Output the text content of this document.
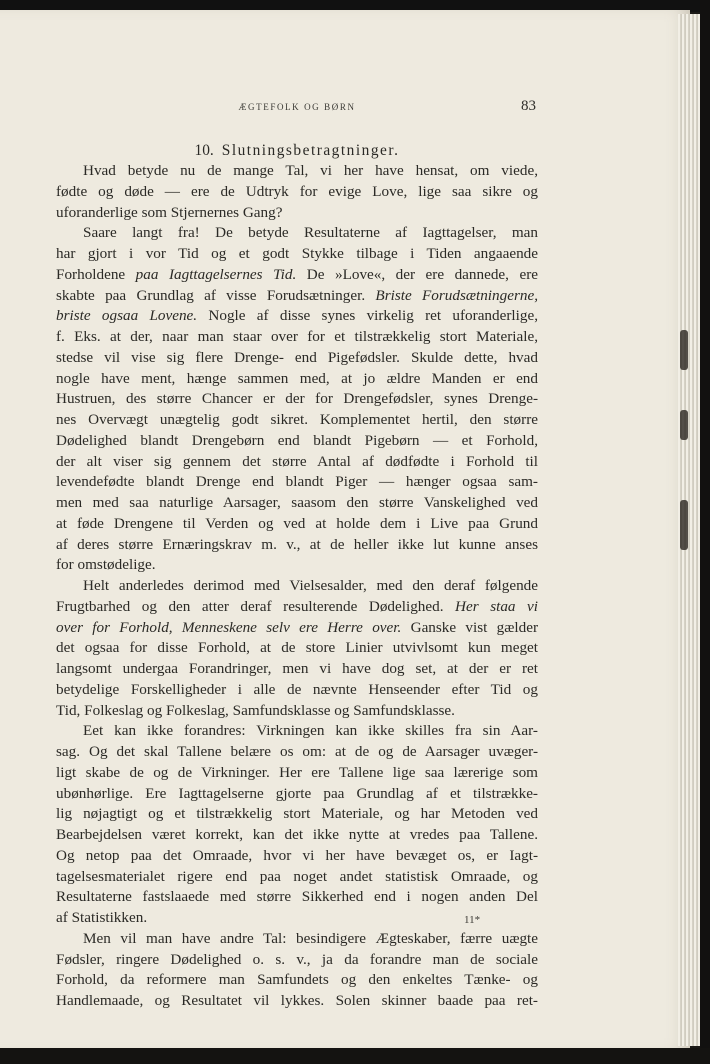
ÆGTEFOLK OG BØRN	83
10. Slutningsbetragtninger.
Hvad betyde nu de mange Tal, vi her have hensat, om viede,
fødte og døde — ere de Udtryk for evige Love, lige saa sikre og
uforanderlige som Stjernernes Gang?
Saare langt fra! De betyde Resultaterne af Iagttagelser, man
har gjort i vor Tid og et godt Stykke tilbage i Tiden angaaende
Forholdene paa Iagttagelsernes Tid. De »Love«, der ere dannede, ere
skabte paa Grundlag af visse Forudsætninger. Briste Forudsætningerne,
briste ogsaa Lovene. Nogle af disse synes virkelig ret uforanderlige,
f. Eks. at der, naar man staar over for et tilstrækkelig stort Materiale,
stedse vil vise sig flere Drenge- end Pigefødsler. Skulde dette, hvad
nogle have ment, hænge sammen med, at jo ældre Manden er end
Hustruen, des større Chancer er der for Drengefødsler, synes Drenge-
nes Overvægt unægtelig godt sikret. Komplementet hertil, den større
Dødelighed blandt Drengebørn end blandt Pigebørn — et Forhold,
der alt viser sig gennem det større Antal af dødfødte i Forhold til
levendefødte blandt Drenge end blandt Piger — hænger ogsaa sam-
men med saa naturlige Aarsager, saasom den større Vanskelighed ved
at føde Drengene til Verden og ved at holde dem i Live paa Grund
af deres større Ernæringskrav m. v., at de heller ikke lut kunne anses
for omstødelige.
Helt anderledes derimod med Vielsesalder, med den deraf følgende
Frugtbarhed og den atter deraf resulterende Dødelighed. Her staa vi
over for Forhold, Menneskene selv ere Herre over. Ganske vist gælder
det ogsaa for disse Forhold, at de store Linier utvivlsomt kun meget
langsomt undergaa Forandringer, men vi have dog set, at der er ret
betydelige Forskelligheder i alle de nævnte Henseender efter Tid og
Tid, Folkeslag og Folkeslag, Samfundsklasse og Samfundsklasse.
Eet kan ikke forandres: Virkningen kan ikke skilles fra sin Aar-
sag. Og det skal Tallene belære os om: at de og de Aarsager uvæger-
ligt skabe de og de Virkninger. Her ere Tallene lige saa lærerige som
ubønhørlige. Ere Iagttagelserne gjorte paa Grundlag af et tilstrække-
lig nøjagtigt og et tilstrækkelig stort Materiale, og har Metoden ved
Bearbejdelsen været korrekt, kan det ikke nytte at vredes paa Tallene.
Og netop paa det Omraade, hvor vi her have bevæget os, er Iagt-
tagelsesmaterialet rigere end paa noget andet statistisk Omraade, og
Resultaterne fastslaaede med større Sikkerhed end i nogen anden Del
af Statistikken.
Men vil man have andre Tal: besindigere Ægteskaber, færre uægte
Fødsler, ringere Dødelighed o. s. v., ja da forandre man de sociale
Forhold, da reformere man Samfundets og den enkeltes Tænke- og
Handlemaade, og Resultatet vil lykkes. Solen skinner baade paa ret-
11*
